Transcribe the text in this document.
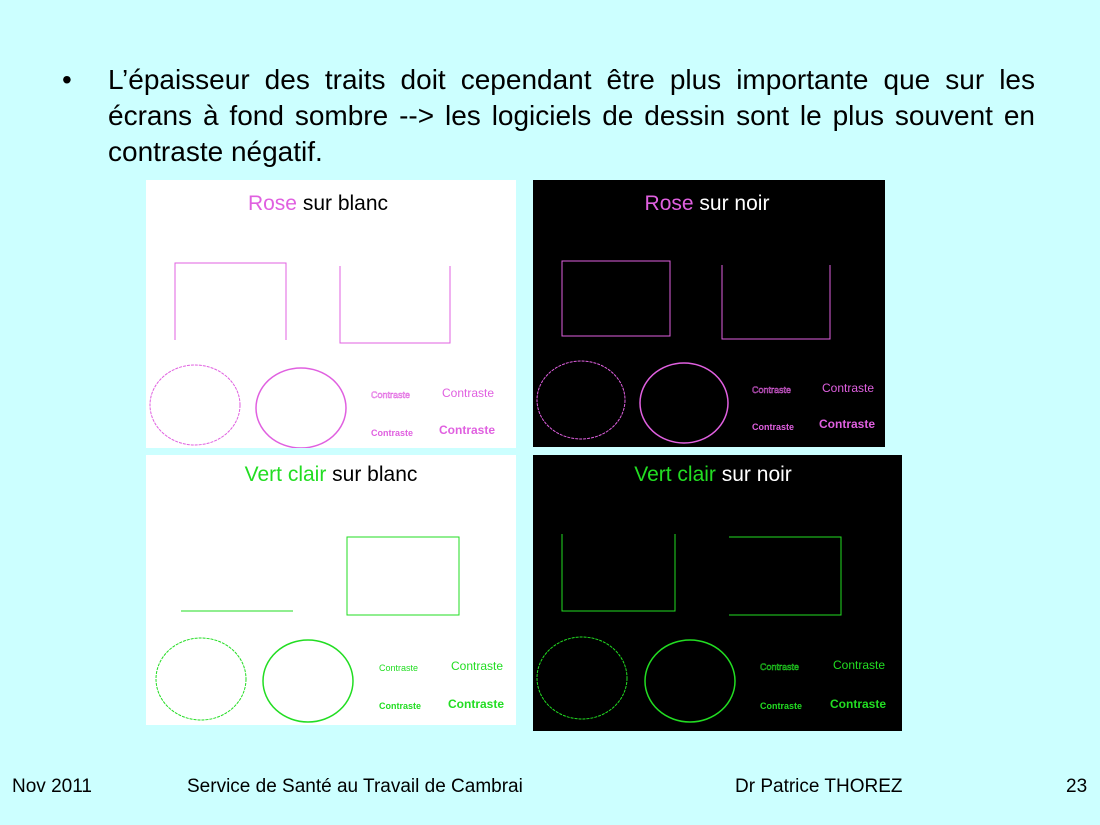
• L’épaisseur des traits doit cependant être plus importante que sur les écrans à fond sombre --> les logiciels de dessin sont le plus souvent en contraste négatif.
Rose sur blanc
Contraste	Contraste
Contraste Contraste
Rose sur noir
Contraste	Contraste
Contraste Contraste
Vert clair sur blanc
Contraste	Contraste
Contraste Contraste
Vert clair sur noir
Contraste	Contraste
Contraste Contraste
Nov 2011	Service de Santé au Travail de Cambrai	Dr Patrice THOREZ	23
